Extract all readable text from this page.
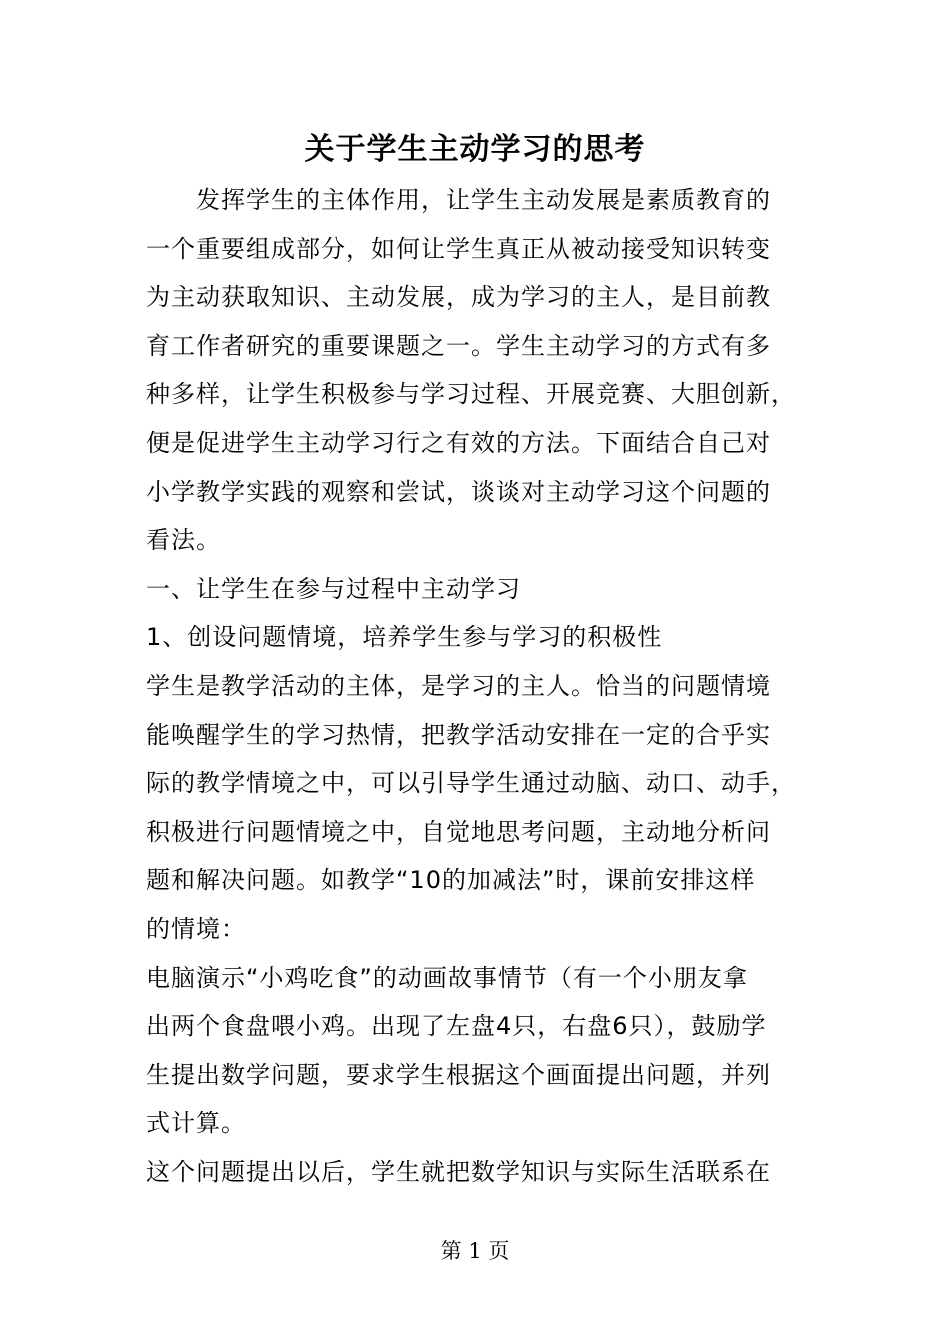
关于学生主动学习的思考
　　发挥学生的主体作用，让学生主动发展是素质教育的
一个重要组成部分，如何让学生真正从被动接受知识转变
为主动获取知识、主动发展，成为学习的主人，是目前教
育工作者研究的重要课题之一。学生主动学习的方式有多
种多样，让学生积极参与学习过程、开展竞赛、大胆创新，
便是促进学生主动学习行之有效的方法。下面结合自己对
小学教学实践的观察和尝试，谈谈对主动学习这个问题的
看法。
一、让学生在参与过程中主动学习
1、创设问题情境，培养学生参与学习的积极性
学生是教学活动的主体，是学习的主人。恰当的问题情境
能唤醒学生的学习热情，把教学活动安排在一定的合乎实
际的教学情境之中，可以引导学生通过动脑、动口、动手，
积极进行问题情境之中，自觉地思考问题，主动地分析问
题和解决问题。如教学“10的加减法”时，课前安排这样
的情境：
电脑演示“小鸡吃食”的动画故事情节（有一个小朋友拿
出两个食盘喂小鸡。出现了左盘4只，右盘6只），鼓励学
生提出数学问题，要求学生根据这个画面提出问题，并列
式计算。
这个问题提出以后，学生就把数学知识与实际生活联系在
第 1 页
